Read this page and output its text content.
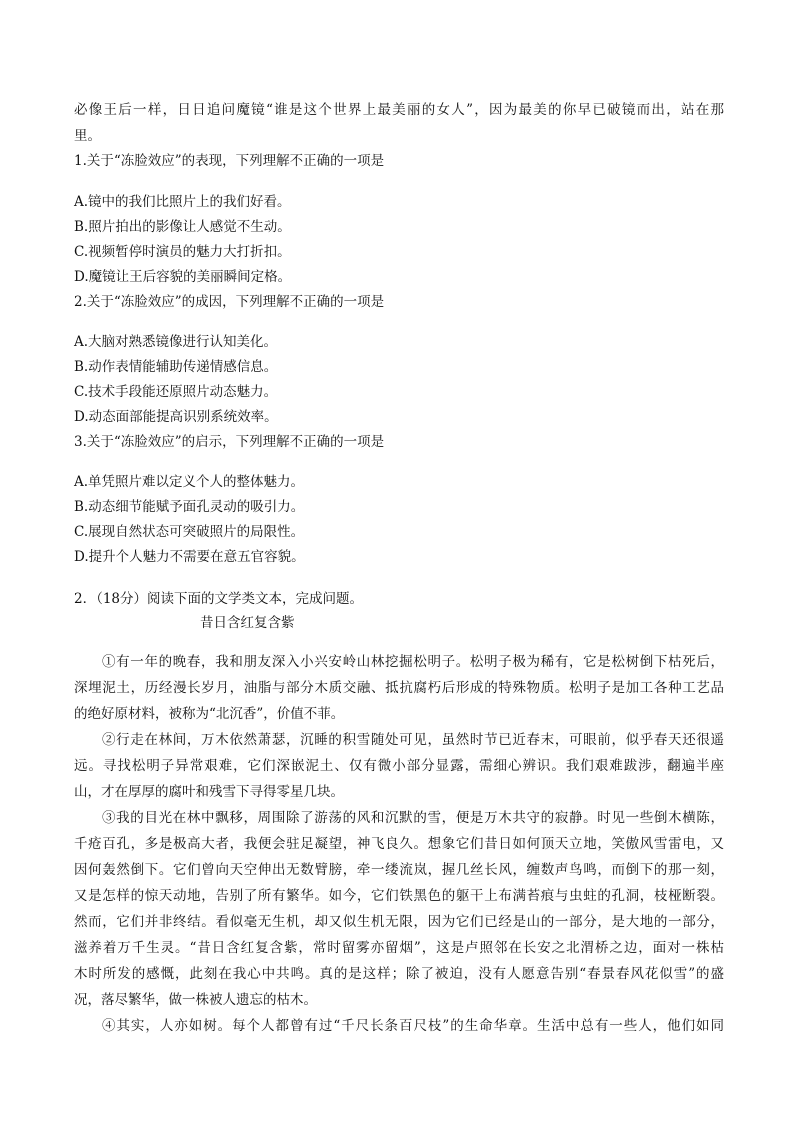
必像王后一样，日日追问魔镜“谁是这个世界上最美丽的女人”，因为最美的你早已破镜而出，站在那
里。
1.关于“冻脸效应”的表现，下列理解不正确的一项是
A.镜中的我们比照片上的我们好看。
B.照片拍出的影像让人感觉不生动。
C.视频暂停时演员的魅力大打折扣。
D.魔镜让王后容貌的美丽瞬间定格。
2.关于“冻脸效应”的成因，下列理解不正确的一项是
A.大脑对熟悉镜像进行认知美化。
B.动作表情能辅助传递情感信息。
C.技术手段能还原照片动态魅力。
D.动态面部能提高识别系统效率。
3.关于“冻脸效应”的启示，下列理解不正确的一项是
A.单凭照片难以定义个人的整体魅力。
B.动态细节能赋予面孔灵动的吸引力。
C.展现自然状态可突破照片的局限性。
D.提升个人魅力不需要在意五官容貌。
2．（18分）阅读下面的文学类文本，完成问题。
昔日含红复含紫
①有一年的晚春，我和朋友深入小兴安岭山林挖掘松明子。松明子极为稀有，它是松树倒下枯死后，
深埋泥土，历经漫长岁月，油脂与部分木质交融、抵抗腐朽后形成的特殊物质。松明子是加工各种工艺品
的绝好原材料，被称为“北沉香”，价值不菲。
②行走在林间，万木依然萧瑟，沉睡的积雪随处可见，虽然时节已近春末，可眼前，似乎春天还很遥
远。寻找松明子异常艰难，它们深嵌泥土、仅有微小部分显露，需细心辨识。我们艰难跋涉，翻遍半座
山，才在厚厚的腐叶和残雪下寻得零星几块。
③我的目光在林中飘移，周围除了游荡的风和沉默的雪，便是万木共守的寂静。时见一些倒木横陈，
千疮百孔，多是极高大者，我便会驻足凝望，神飞良久。想象它们昔日如何顶天立地，笑傲风雪雷电，又
因何轰然倒下。它们曾向天空伸出无数臂膀，牵一缕流岚，握几丝长风，缠数声鸟鸣，而倒下的那一刻，
又是怎样的惊天动地，告别了所有繁华。如今，它们铁黑色的躯干上布满苔痕与虫蛀的孔洞，枝桠断裂。
然而，它们并非终结。看似毫无生机，却又似生机无限，因为它们已经是山的一部分，是大地的一部分，
滋养着万千生灵。“昔日含红复含紫，常时留雾亦留烟”，这是卢照邻在长安之北渭桥之边，面对一株枯
木时所发的感慨，此刻在我心中共鸣。真的是这样；除了被迫，没有人愿意告别“春景春风花似雪”的盛
况，落尽繁华，做一株被人遗忘的枯木。
④其实，人亦如树。每个人都曾有过“千尺长条百尺枝”的生命华章。生活中总有一些人，他们如同
